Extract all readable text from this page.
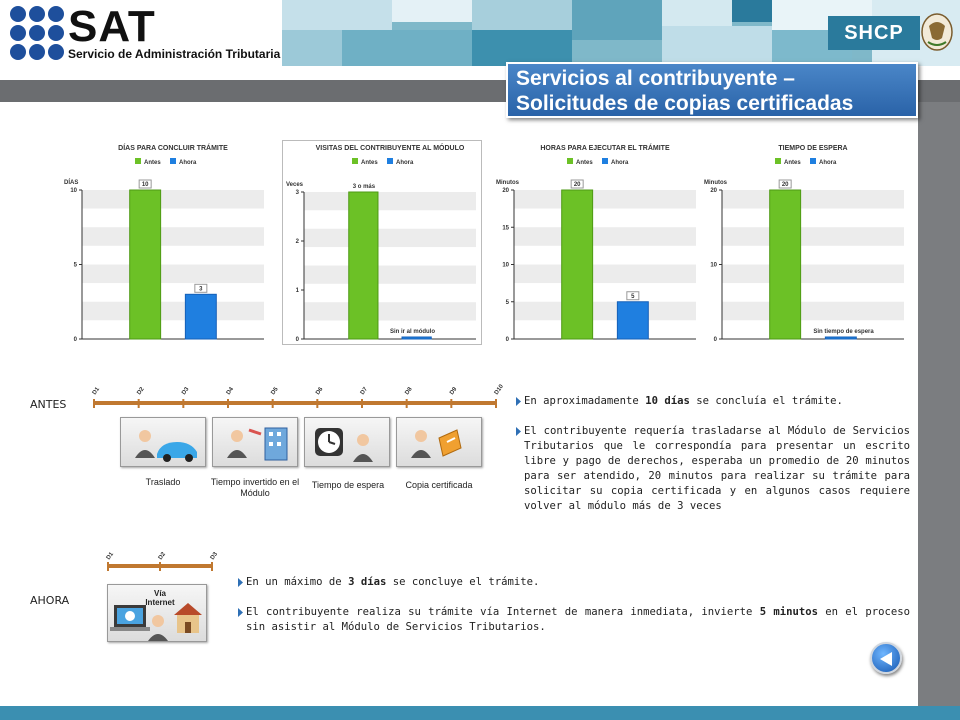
SAT
Servicio de Administración Tributaria
SHCP
Servicios al contribuyente –
Solicitudes de copias certificadas
DÍAS PARA CONCLUIR TRÁMITE
Antes	Ahora
DÍAS
0
5
10
10
3
VISITAS DEL CONTRIBUYENTE AL MÓDULO
Antes	Ahora
Veces
0
1
2
3
3 o más
Sin ir al módulo
HORAS PARA EJECUTAR EL TRÁMITE
Antes	Ahora
Minutos
0
5
10
15
20
20
5
TIEMPO DE ESPERA
Antes	Ahora
Minutos
0
10
20
20
Sin tiempo de espera
ANTES
D1	D2	D3	D4	D5	D6	D7	D8	D9	D10
Traslado	Tiempo invertido en el Módulo
Tiempo de espera	Copia certificada
En aproximadamente 10 días se concluía el trámite.
El contribuyente requería trasladarse al Módulo de Servicios Tributarios que le correspondía para presentar un escrito libre y pago de derechos, esperaba un promedio de 20 minutos para ser atendido, 20 minutos para realizar su trámite para solicitar su copia certificada y en algunos casos requiere volver al módulo más de 3 veces
AHORA
D1	D2	D3
Vía Internet
En un máximo de 3 días se concluye el trámite.
El contribuyente realiza su trámite vía Internet de manera inmediata, invierte 5 minutos en el proceso sin asistir al Módulo de Servicios Tributarios.
